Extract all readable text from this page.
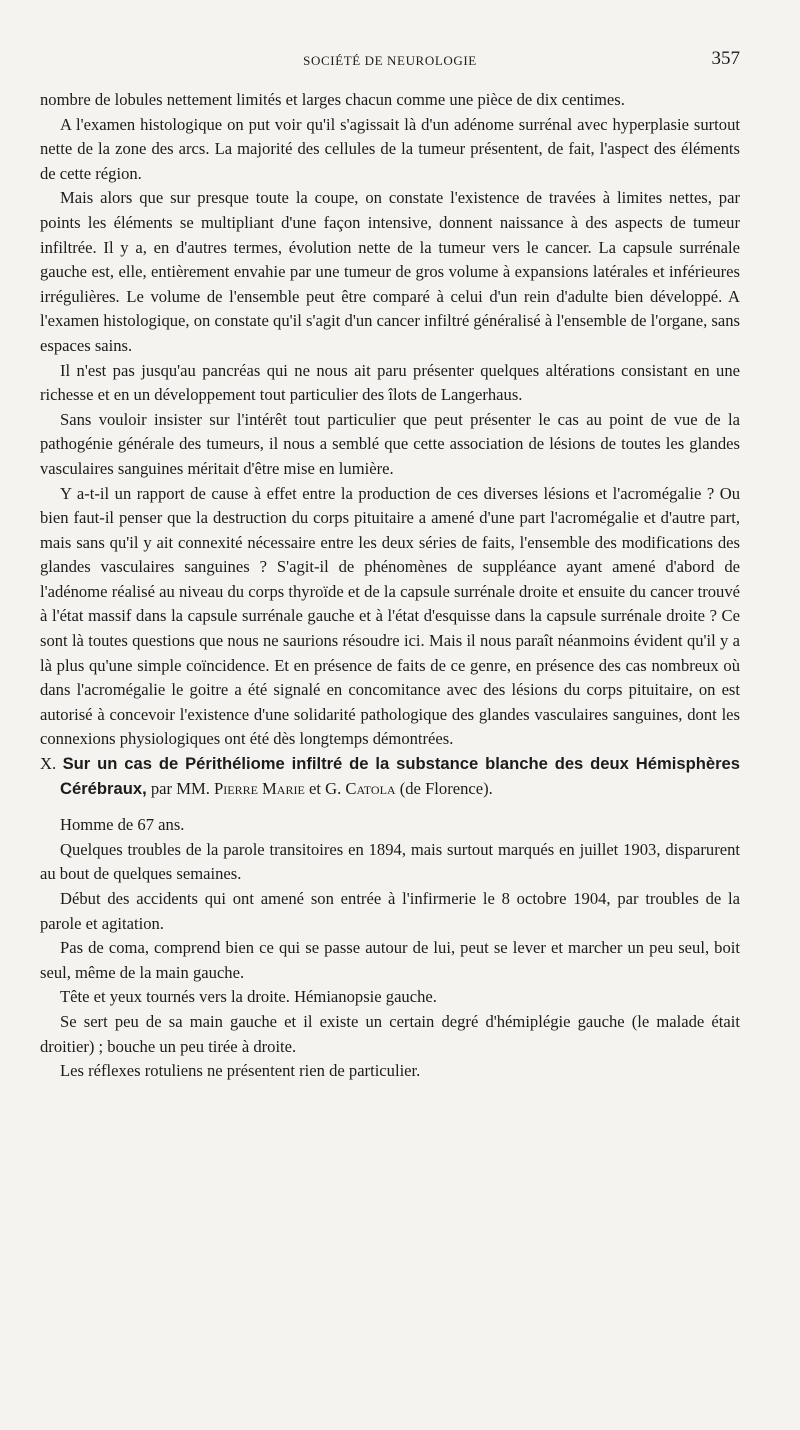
SOCIÉTÉ DE NEUROLOGIE	357

nombre de lobules nettement limités et larges chacun comme une pièce de dix centimes.

A l'examen histologique on put voir qu'il s'agissait là d'un adénome surrénal avec hyperplasie surtout nette de la zone des arcs. La majorité des cellules de la tumeur présentent, de fait, l'aspect des éléments de cette région.

Mais alors que sur presque toute la coupe, on constate l'existence de travées à limites nettes, par points les éléments se multipliant d'une façon intensive, donnent naissance à des aspects de tumeur infiltrée. Il y a, en d'autres termes, évolution nette de la tumeur vers le cancer. La capsule surrénale gauche est, elle, entièrement envahie par une tumeur de gros volume à expansions latérales et inférieures irrégulières. Le volume de l'ensemble peut être comparé à celui d'un rein d'adulte bien développé. A l'examen histologique, on constate qu'il s'agit d'un cancer infiltré généralisé à l'ensemble de l'organe, sans espaces sains.

Il n'est pas jusqu'au pancréas qui ne nous ait paru présenter quelques altérations consistant en une richesse et en un développement tout particulier des îlots de Langerhaus.

Sans vouloir insister sur l'intérêt tout particulier que peut présenter le cas au point de vue de la pathogénie générale des tumeurs, il nous a semblé que cette association de lésions de toutes les glandes vasculaires sanguines méritait d'être mise en lumière.

Y a-t-il un rapport de cause à effet entre la production de ces diverses lésions et l'acromégalie ? Ou bien faut-il penser que la destruction du corps pituitaire a amené d'une part l'acromégalie et d'autre part, mais sans qu'il y ait connexité nécessaire entre les deux séries de faits, l'ensemble des modifications des glandes vasculaires sanguines ? S'agit-il de phénomènes de suppléance ayant amené d'abord de l'adénome réalisé au niveau du corps thyroïde et de la capsule surrénale droite et ensuite du cancer trouvé à l'état massif dans la capsule surrénale gauche et à l'état d'esquisse dans la capsule surrénale droite ? Ce sont là toutes questions que nous ne saurions résoudre ici. Mais il nous paraît néanmoins évident qu'il y a là plus qu'une simple coïncidence. Et en présence de faits de ce genre, en présence des cas nombreux où dans l'acromégalie le goitre a été signalé en concomitance avec des lésions du corps pituitaire, on est autorisé à concevoir l'existence d'une solidarité pathologique des glandes vasculaires sanguines, dont les connexions physiologiques ont été dès longtemps démontrées.

X. Sur un cas de Périthéliome infiltré de la substance blanche des deux Hémisphères Cérébraux, par MM. Pierre Marie et G. Catola (de Florence).

Homme de 67 ans.

Quelques troubles de la parole transitoires en 1894, mais surtout marqués en juillet 1903, disparurent au bout de quelques semaines.

Début des accidents qui ont amené son entrée à l'infirmerie le 8 octobre 1904, par troubles de la parole et agitation.

Pas de coma, comprend bien ce qui se passe autour de lui, peut se lever et marcher un peu seul, boit seul, même de la main gauche.

Tête et yeux tournés vers la droite. Hémianopsie gauche.

Se sert peu de sa main gauche et il existe un certain degré d'hémiplégie gauche (le malade était droitier) ; bouche un peu tirée à droite.

Les réflexes rotuliens ne présentent rien de particulier.
